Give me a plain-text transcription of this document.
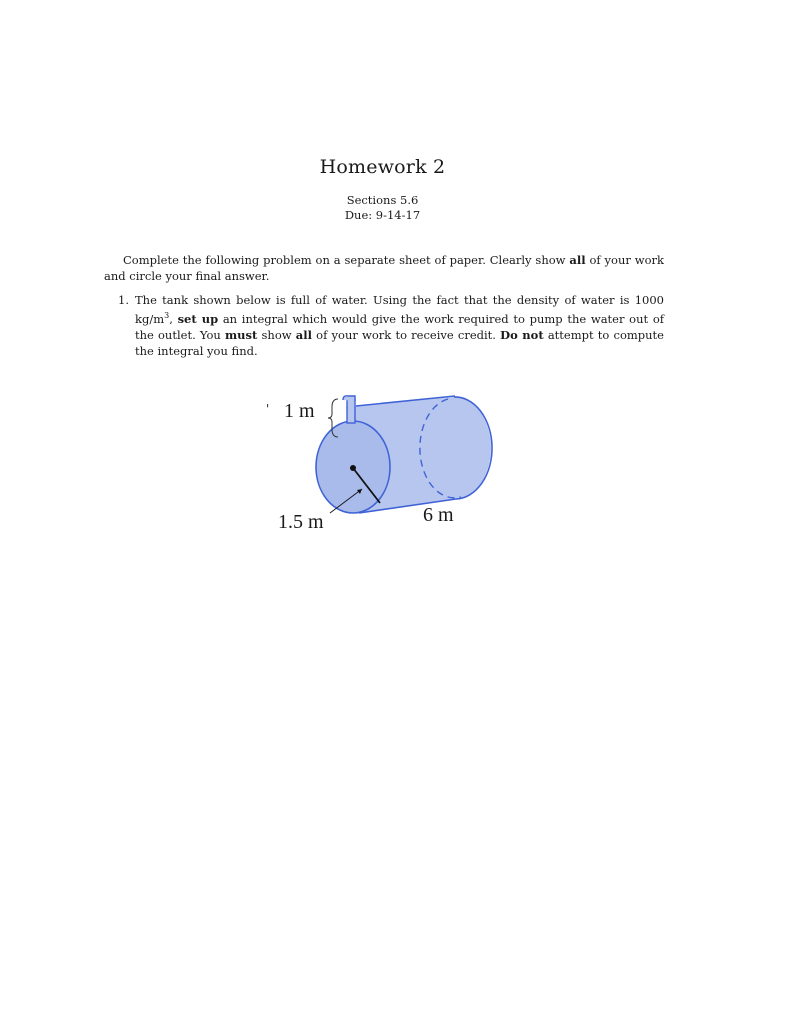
Homework 2
Sections 5.6
Due: 9-14-17

Complete the following problem on a separate sheet of paper. Clearly show all of your work and circle your final answer.

1. The tank shown below is full of water. Using the fact that the density of water is 1000 $kg/m^3$, set up an integral which would give the work required to pump the water out of the outlet. You must show all of your work to receive credit. Do not attempt to compute the integral you find.
' 1 m
1.5 m	6 m
